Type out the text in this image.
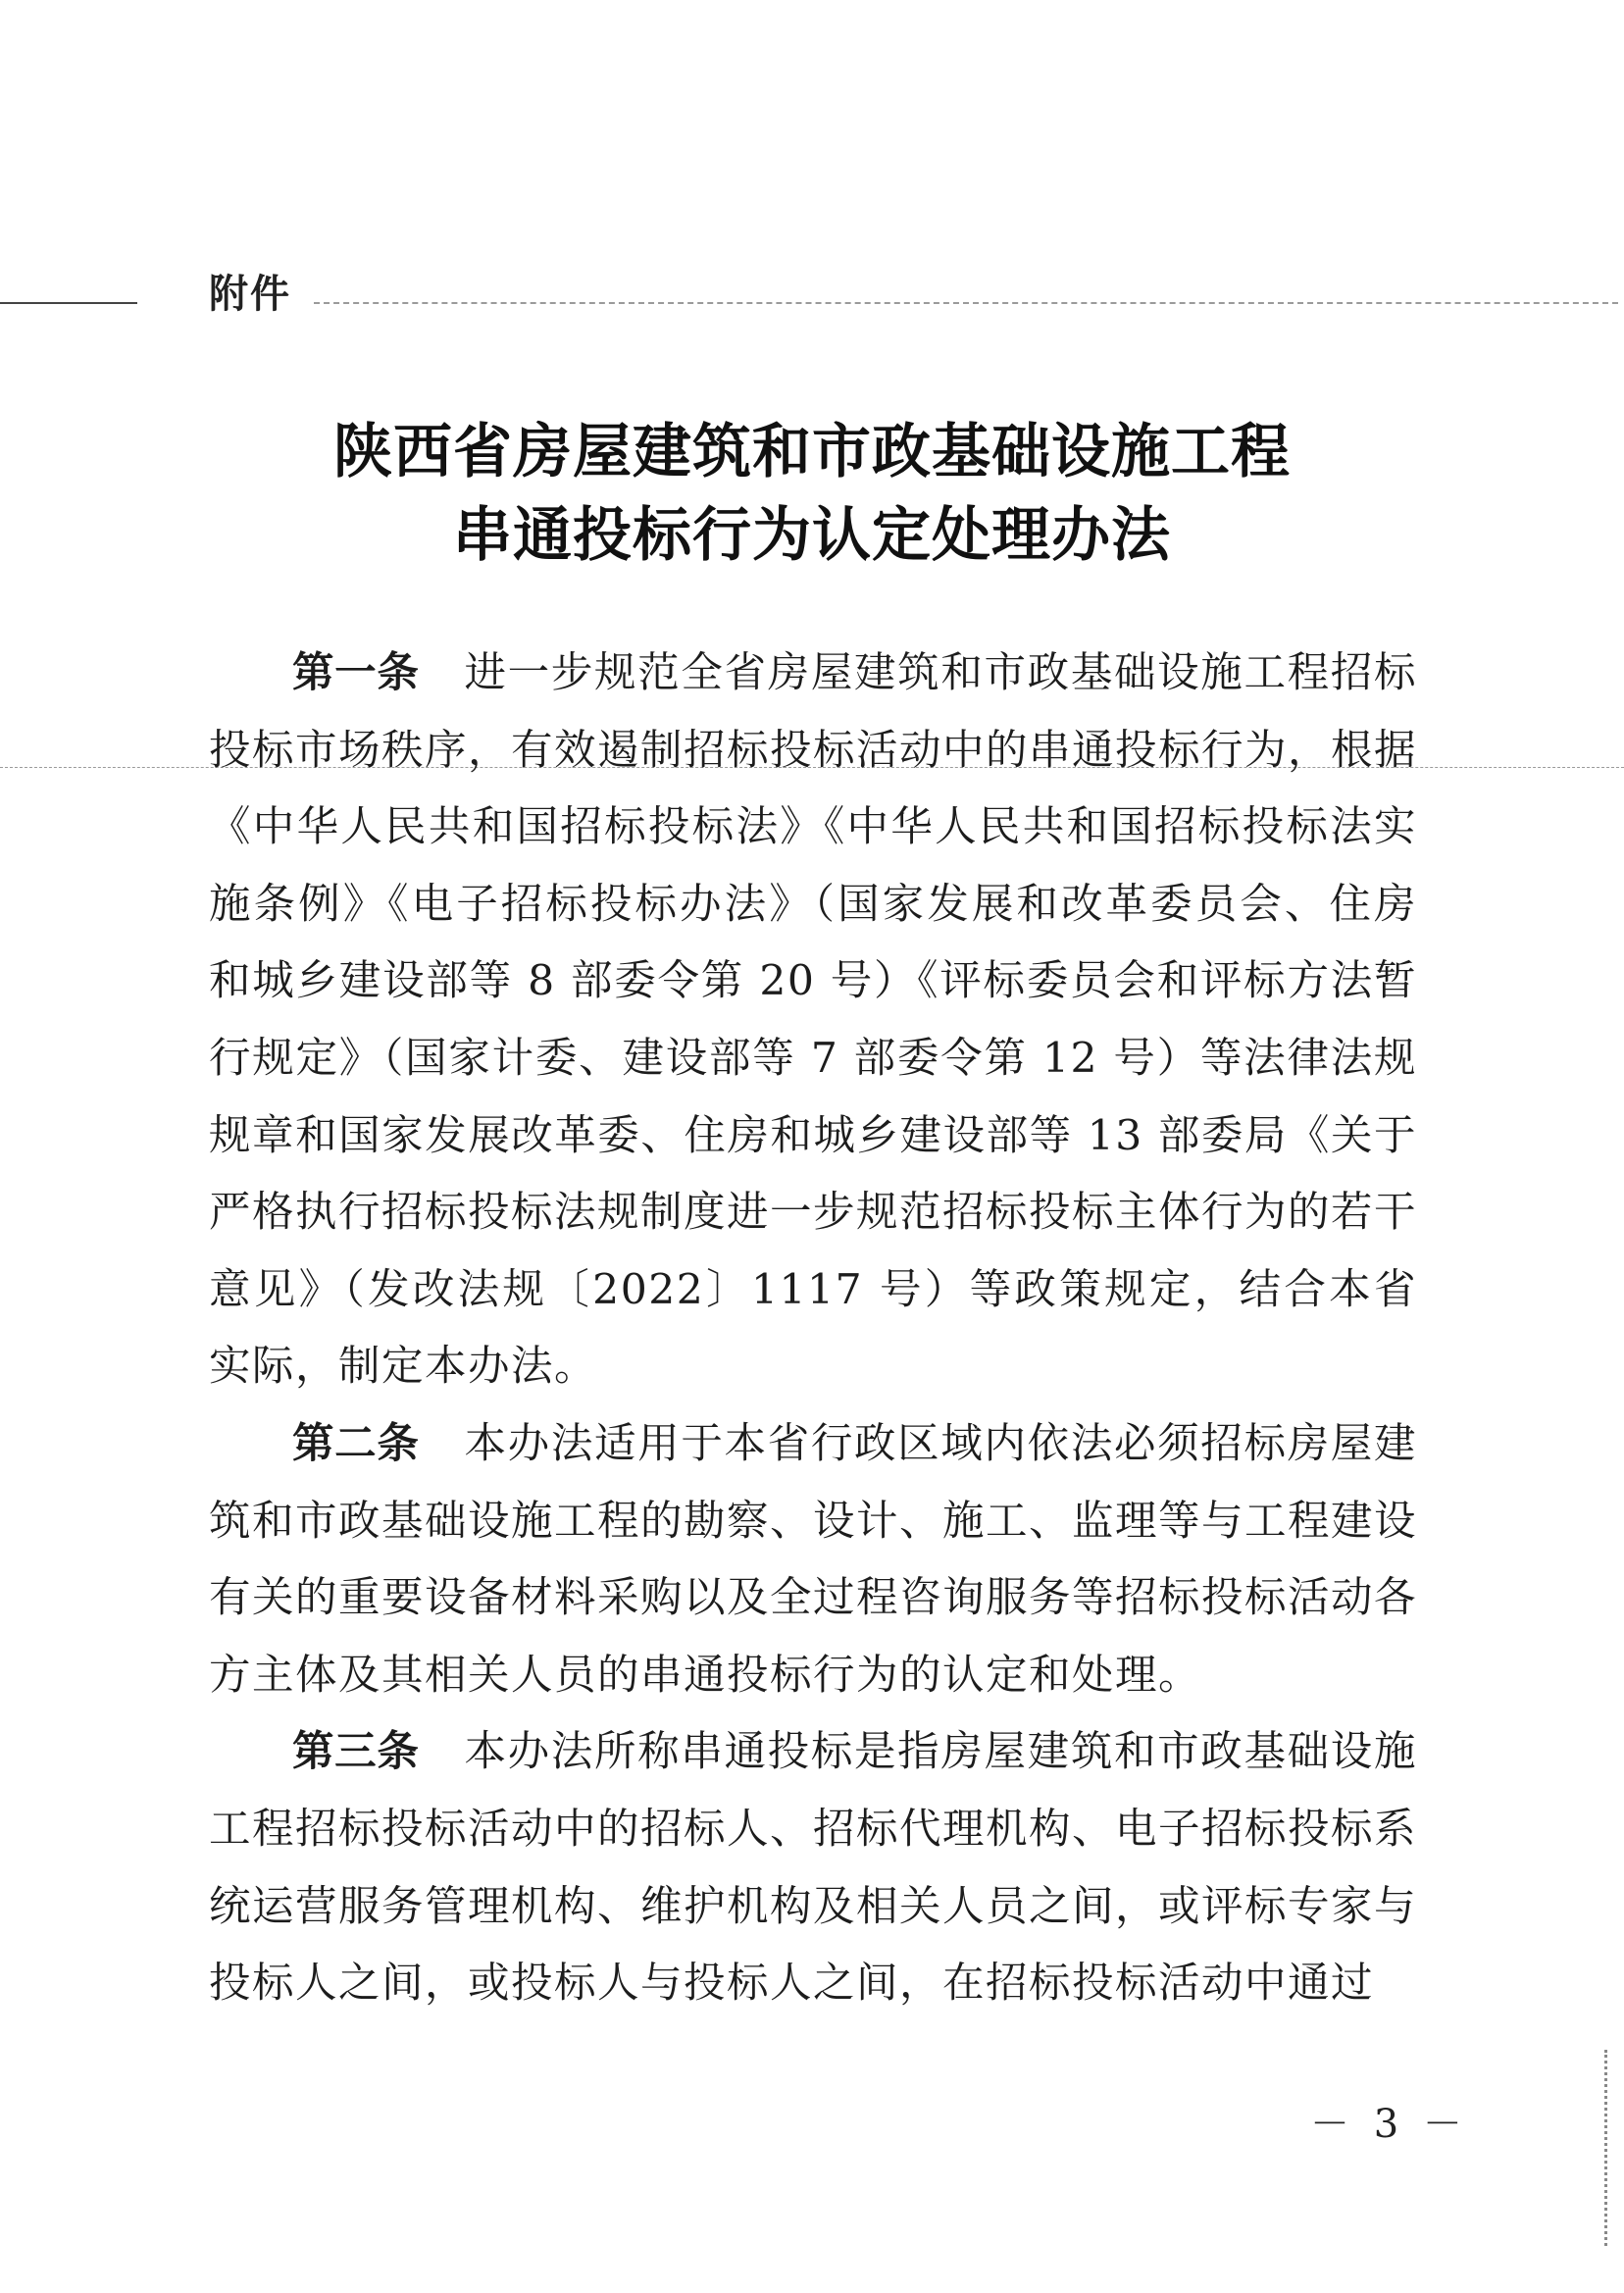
附件
陕西省房屋建筑和市政基础设施工程
串通投标行为认定处理办法

第一条 进一步规范全省房屋建筑和市政基础设施工程招标投标市场秩序，有效遏制招标投标活动中的串通投标行为，根据《中华人民共和国招标投标法》《中华人民共和国招标投标法实施条例》《电子招标投标办法》（国家发展和改革委员会、住房和城乡建设部等 8 部委令第 20 号）《评标委员会和评标方法暂行规定》（国家计委、建设部等 7 部委令第 12 号）等法律法规规章和国家发展改革委、住房和城乡建设部等 13 部委局《关于严格执行招标投标法规制度进一步规范招标投标主体行为的若干意见》（发改法规〔2022〕1117 号）等政策规定，结合本省实际，制定本办法。

第二条 本办法适用于本省行政区域内依法必须招标房屋建筑和市政基础设施工程的勘察、设计、施工、监理等与工程建设有关的重要设备材料采购以及全过程咨询服务等招标投标活动各方主体及其相关人员的串通投标行为的认定和处理。

第三条 本办法所称串通投标是指房屋建筑和市政基础设施工程招标投标活动中的招标人、招标代理机构、电子招标投标系统运营服务管理机构、维护机构及相关人员之间，或评标专家与投标人之间，或投标人与投标人之间，在招标投标活动中通过

－ 3 －
